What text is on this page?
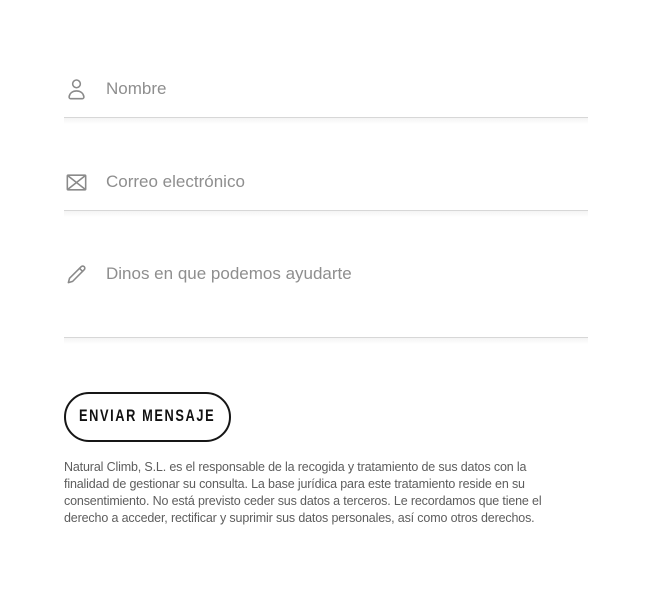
Nombre
Correo electrónico
Dinos en que podemos ayudarte
ENVIAR MENSAJE
Natural Climb, S.L. es el responsable de la recogida y tratamiento de sus datos con la
finalidad de gestionar su consulta. La base jurídica para este tratamiento reside en su
consentimiento. No está previsto ceder sus datos a terceros. Le recordamos que tiene el
derecho a acceder, rectificar y suprimir sus datos personales, así como otros derechos.
